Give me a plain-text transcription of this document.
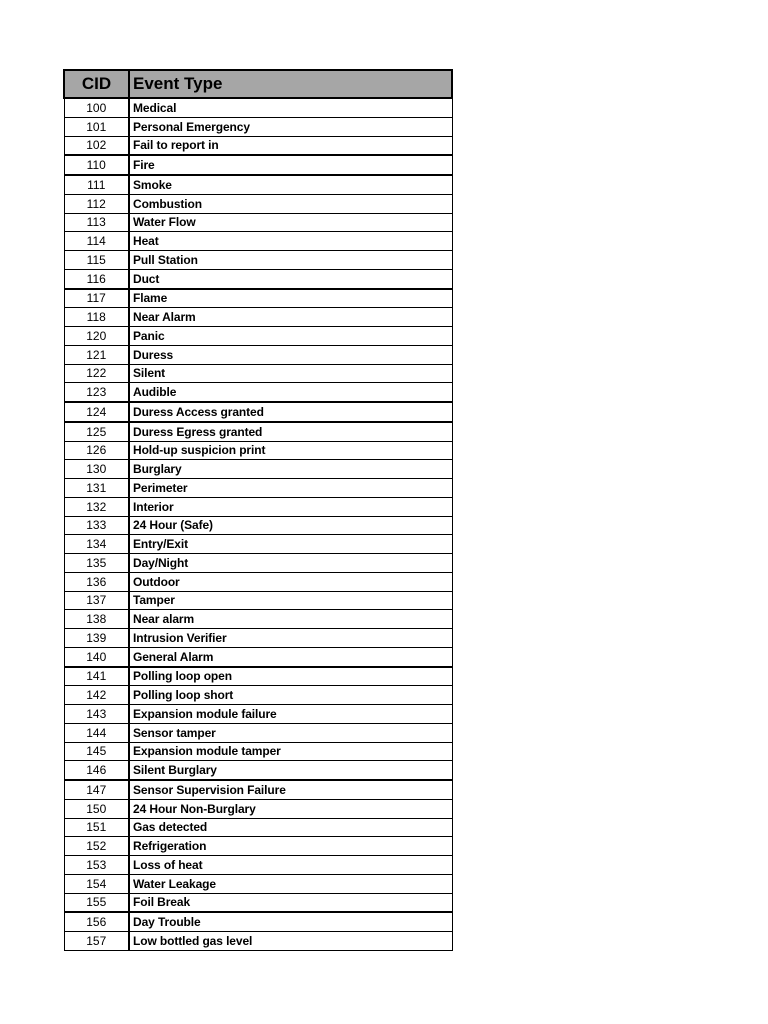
CID	Event Type
100	Medical
101	Personal Emergency
102	Fail to report in
110	Fire
111	Smoke
112	Combustion
113	Water Flow
114	Heat
115	Pull Station
116	Duct
117	Flame
118	Near Alarm
120	Panic
121	Duress
122	Silent
123	Audible
124	Duress Access granted
125	Duress Egress granted
126	Hold-up suspicion print
130	Burglary
131	Perimeter
132	Interior
133	24 Hour (Safe)
134	Entry/Exit
135	Day/Night
136	Outdoor
137	Tamper
138	Near alarm
139	Intrusion Verifier
140	General Alarm
141	Polling loop open
142	Polling loop short
143	Expansion module failure
144	Sensor tamper
145	Expansion module tamper
146	Silent Burglary
147	Sensor Supervision Failure
150	24 Hour Non-Burglary
151	Gas detected
152	Refrigeration
153	Loss of heat
154	Water Leakage
155	Foil Break
156	Day Trouble
157	Low bottled gas level
